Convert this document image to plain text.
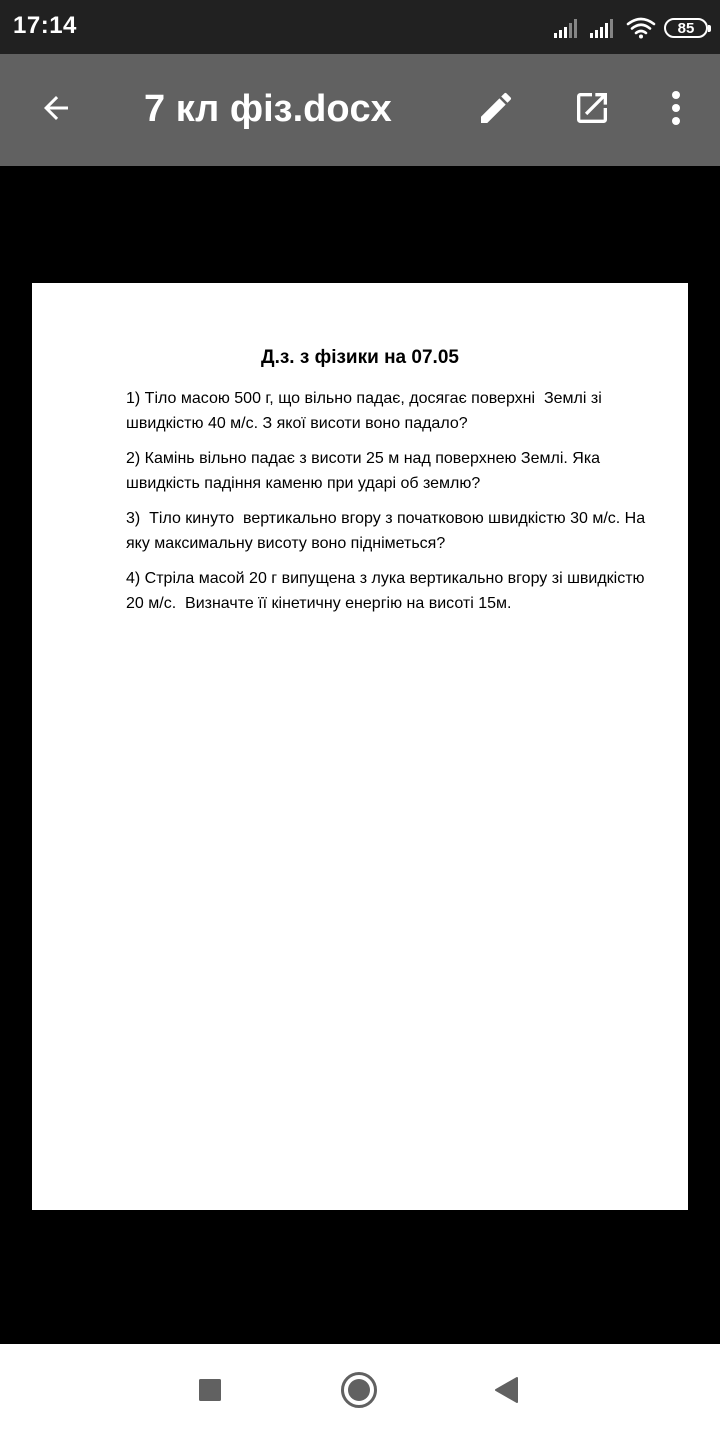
17:14	85
7 кл фіз.docx
Д.з. з фізики на 07.05
1) Тіло масою 500 г, що вільно падає, досягає поверхні  Землі зі швидкістю 40 м/с. З якої висоти воно падало?
2) Камінь вільно падає з висоти 25 м над поверхнею Землі. Яка швидкість падіння каменю при ударі об землю?
3)  Тіло кинуто  вертикально вгору з початковою швидкістю 30 м/с. На яку максимальну висоту воно підніметься?
4) Стріла масой 20 г випущена з лука вертикально вгору зі швидкістю 20 м/с.  Визначте її кінетичну енергію на висоті 15м.
